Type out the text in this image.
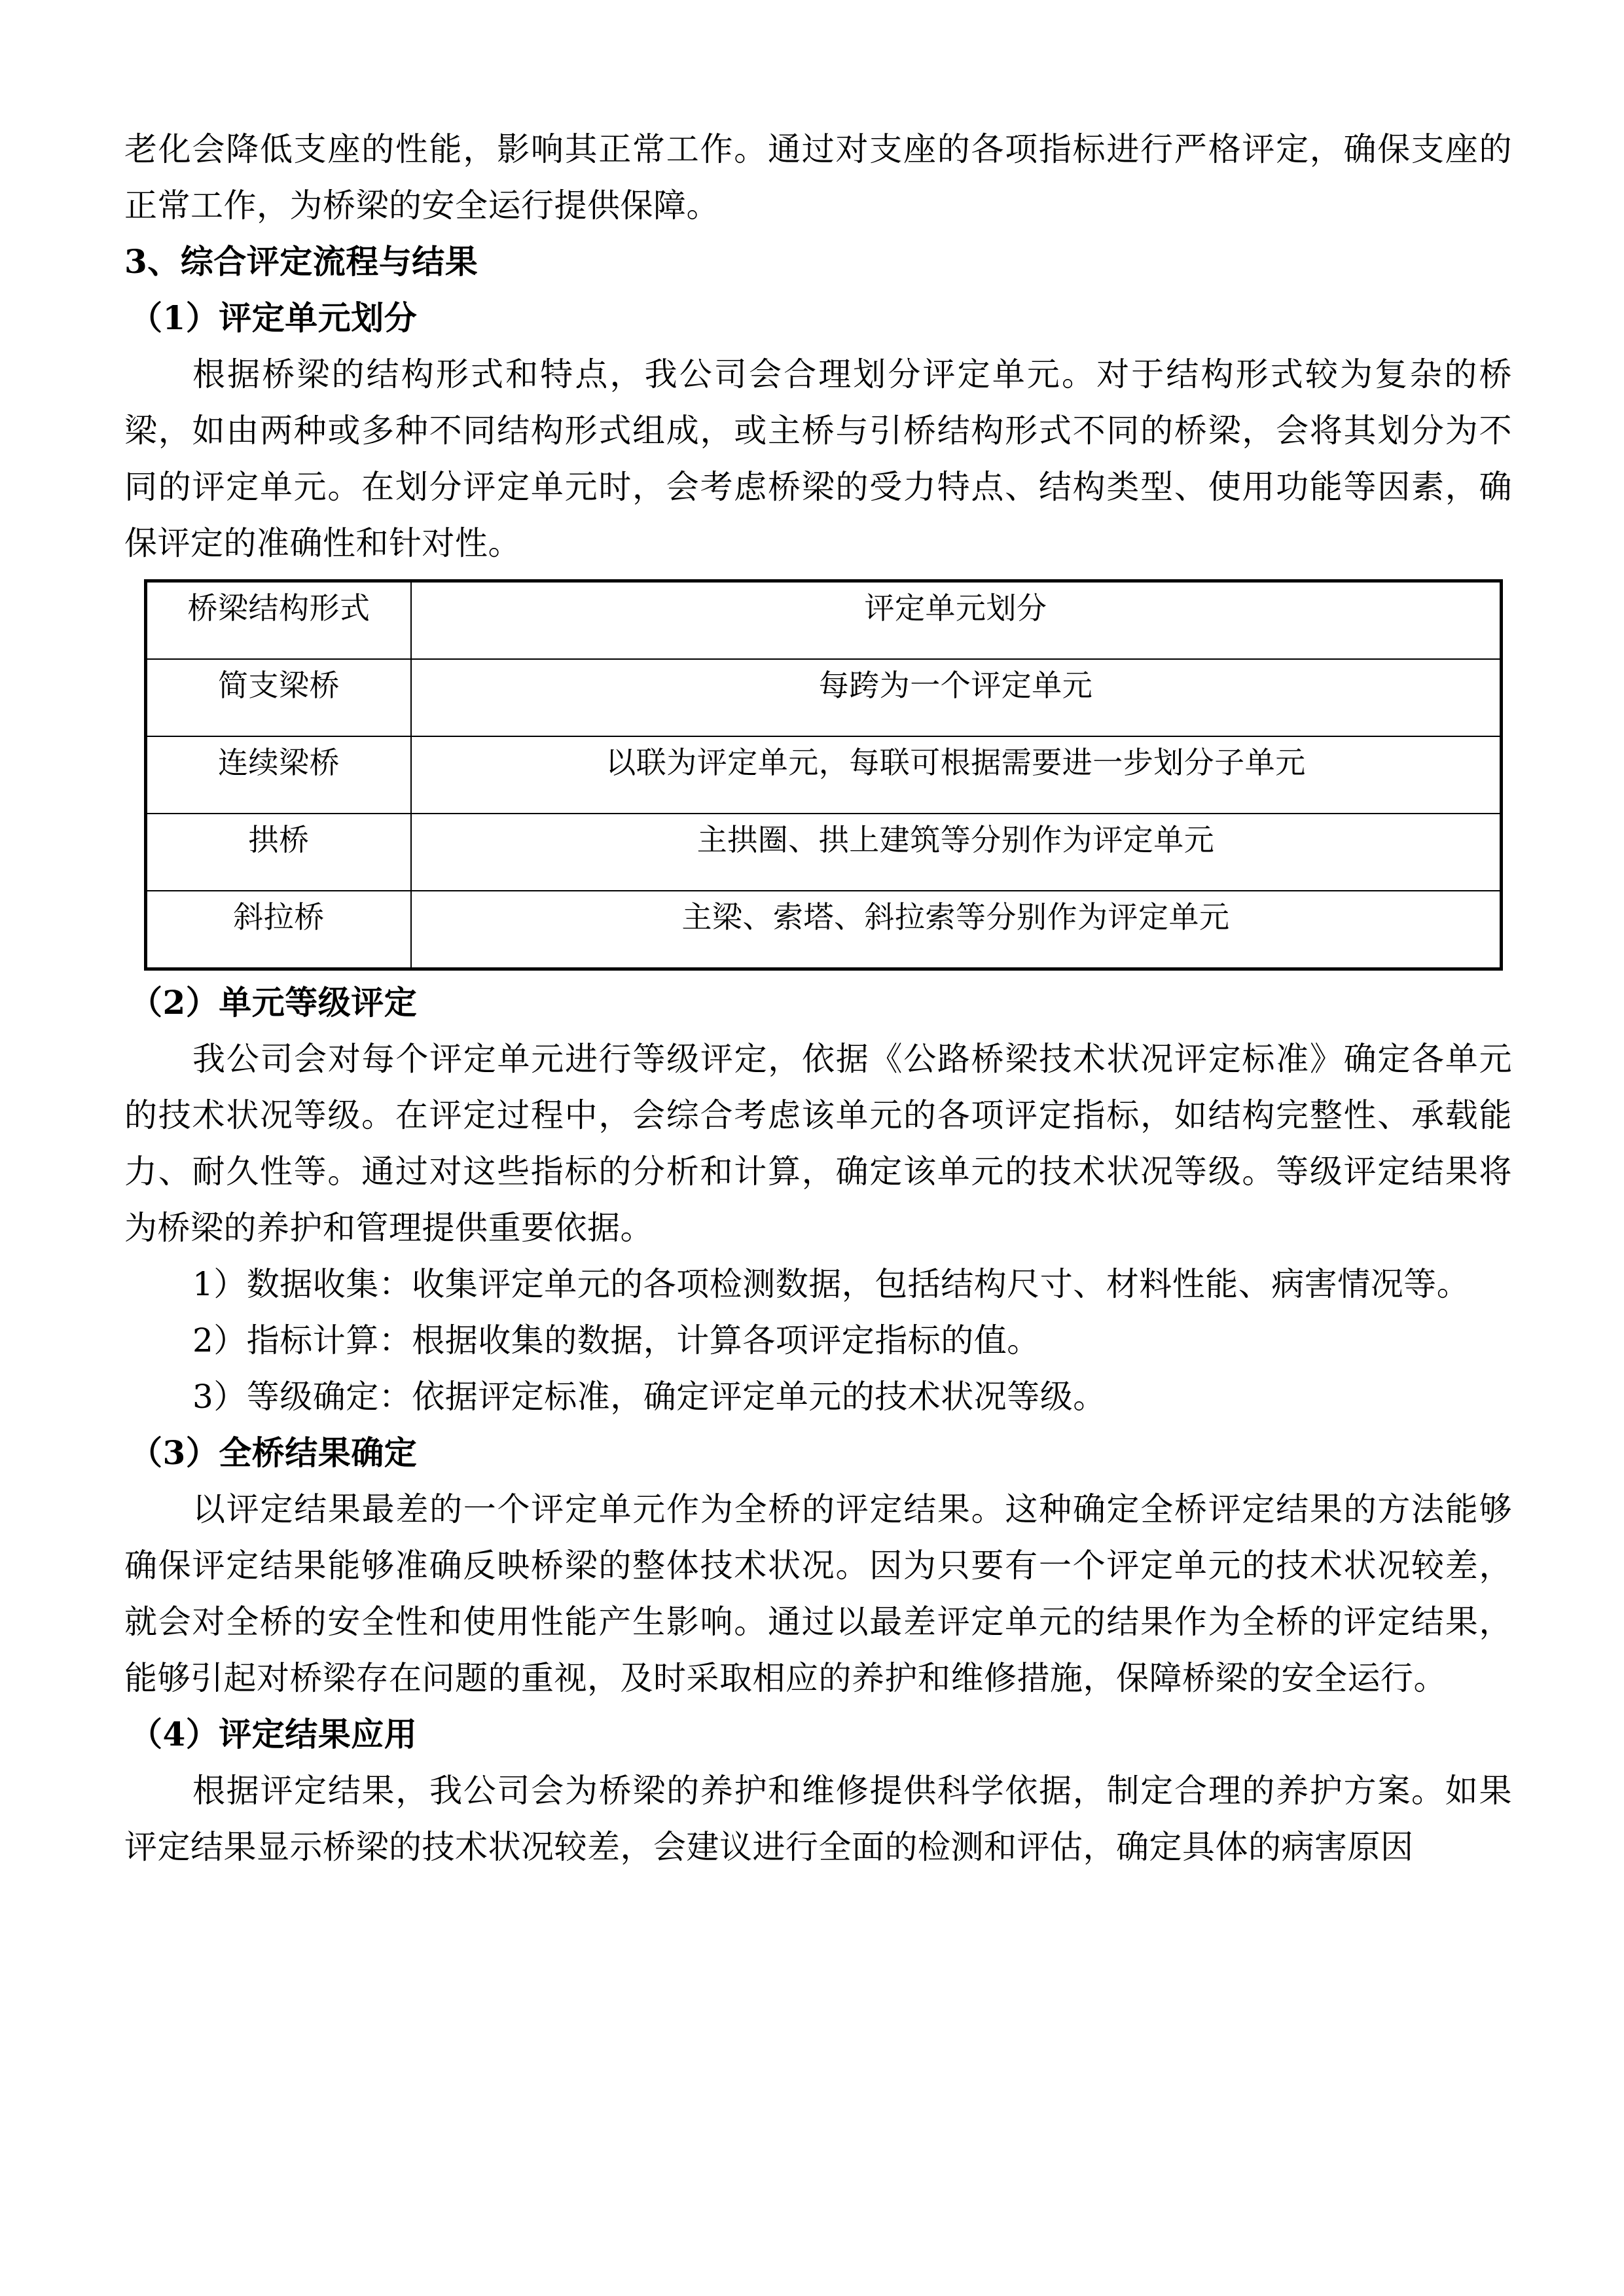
老化会降低支座的性能，影响其正常工作。通过对支座的各项指标进行严格评定，确保支座的正常工作，为桥梁的安全运行提供保障。

3、综合评定流程与结果
（1）评定单元划分

根据桥梁的结构形式和特点，我公司会合理划分评定单元。对于结构形式较为复杂的桥梁，如由两种或多种不同结构形式组成，或主桥与引桥结构形式不同的桥梁，会将其划分为不同的评定单元。在划分评定单元时，会考虑桥梁的受力特点、结构类型、使用功能等因素，确保评定的准确性和针对性。

桥梁结构形式	评定单元划分
简支梁桥	每跨为一个评定单元
连续梁桥	以联为评定单元，每联可根据需要进一步划分子单元
拱桥	主拱圈、拱上建筑等分别作为评定单元
斜拉桥	主梁、索塔、斜拉索等分别作为评定单元
（2）单元等级评定

我公司会对每个评定单元进行等级评定，依据《公路桥梁技术状况评定标准》确定各单元的技术状况等级。在评定过程中，会综合考虑该单元的各项评定指标，如结构完整性、承载能力、耐久性等。通过对这些指标的分析和计算，确定该单元的技术状况等级。等级评定结果将为桥梁的养护和管理提供重要依据。

1）数据收集：收集评定单元的各项检测数据，包括结构尺寸、材料性能、病害情况等。

2）指标计算：根据收集的数据，计算各项评定指标的值。

3）等级确定：依据评定标准，确定评定单元的技术状况等级。

（3）全桥结果确定

以评定结果最差的一个评定单元作为全桥的评定结果。这种确定全桥评定结果的方法能够确保评定结果能够准确反映桥梁的整体技术状况。因为只要有一个评定单元的技术状况较差，就会对全桥的安全性和使用性能产生影响。通过以最差评定单元的结果作为全桥的评定结果，能够引起对桥梁存在问题的重视，及时采取相应的养护和维修措施，保障桥梁的安全运行。

（4）评定结果应用

根据评定结果，我公司会为桥梁的养护和维修提供科学依据，制定合理的养护方案。如果评定结果显示桥梁的技术状况较差，会建议进行全面的检测和评估，确定具体的病害原因
